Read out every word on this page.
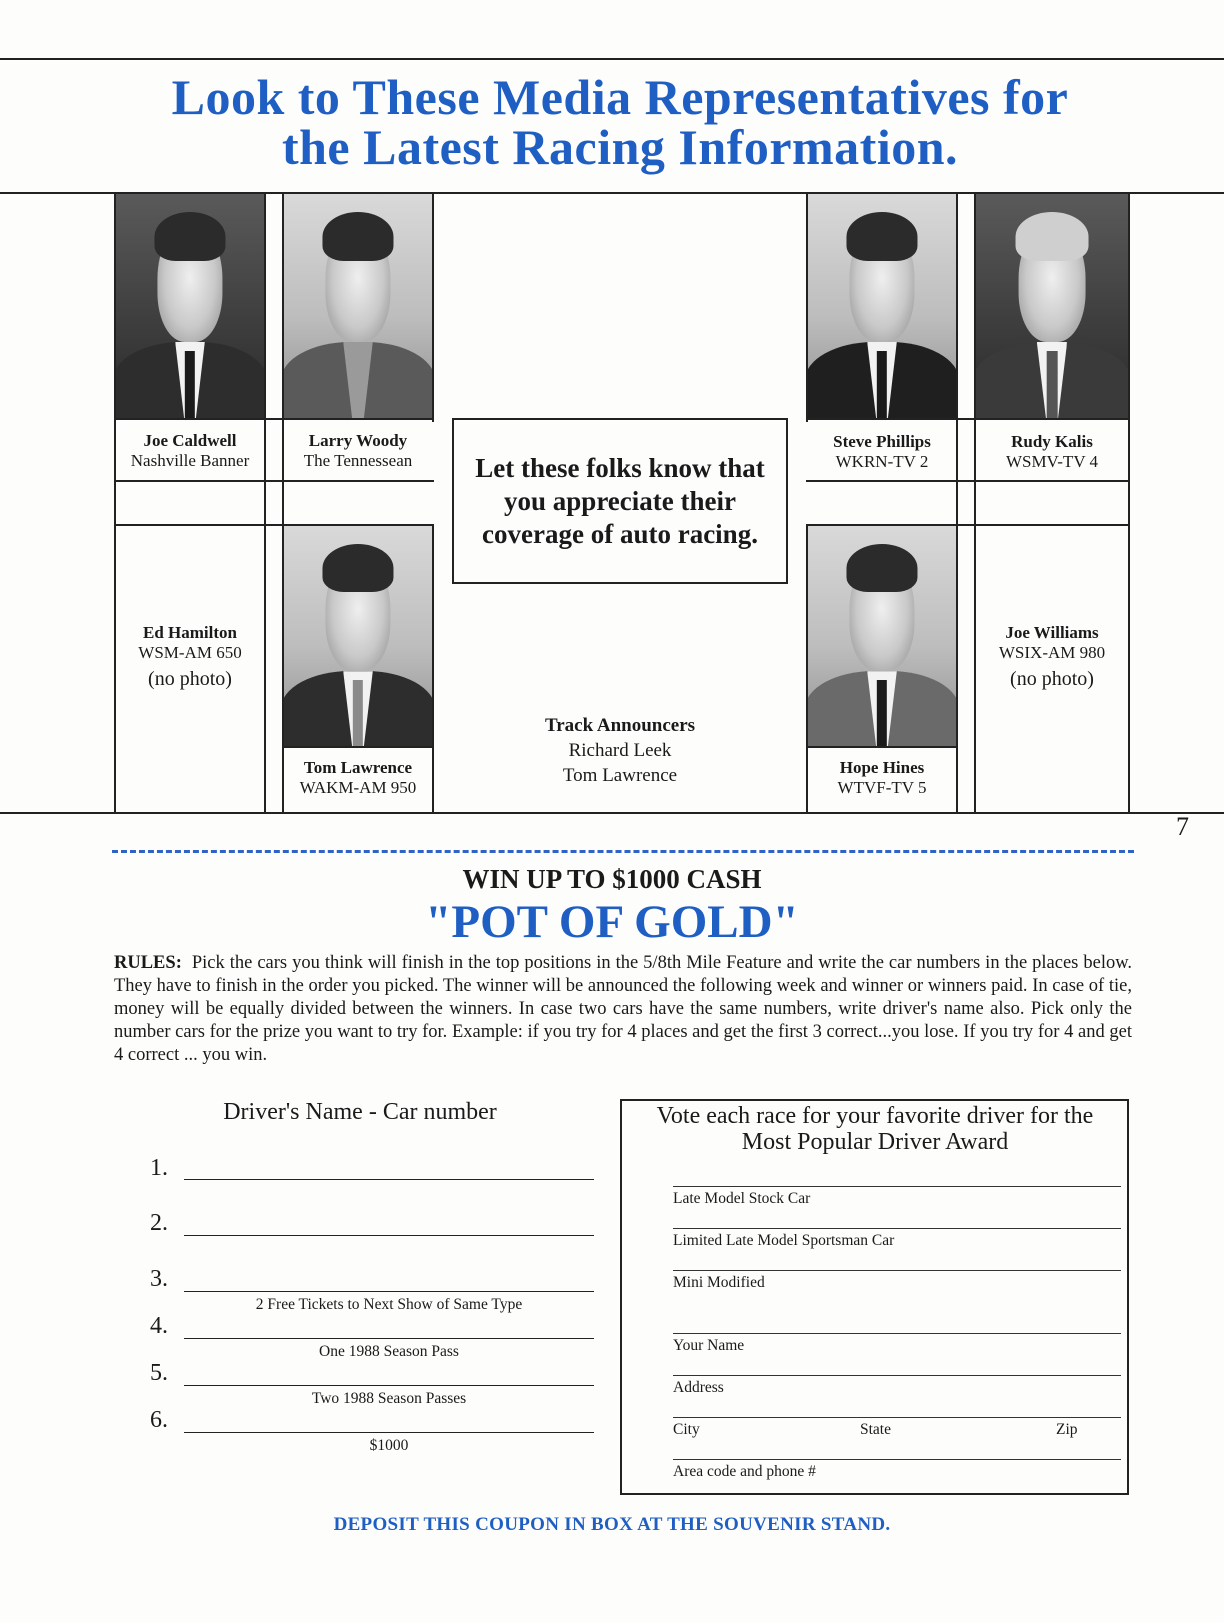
Look to These Media Representatives for
the Latest Racing Information.
Joe Caldwell
Nashville Banner
Larry Woody
The Tennessean
Steve Phillips
WKRN-TV 2
Rudy Kalis
WSMV-TV 4
Ed Hamilton
WSM-AM 650
(no photo)
Joe Williams
WSIX-AM 980
(no photo)
Tom Lawrence
WAKM-AM 950
Hope Hines
WTVF-TV 5
Let these folks know that you appreciate their coverage of auto racing.
Track Announcers
Richard Leek
Tom Lawrence
7
WIN UP TO $1000 CASH
"POT OF GOLD"
RULES: Pick the cars you think will finish in the top positions in the 5/8th Mile Feature and write the car numbers in the places below. They have to finish in the order you picked. The winner will be announced the following week and winner or winners paid. In case of tie, money will be equally divided between the winners. In case two cars have the same numbers, write driver's name also. Pick only the number cars for the prize you want to try for. Example: if you try for 4 places and get the first 3 correct...you lose. If you try for 4 and get 4 correct ... you win.
Driver's Name - Car number
1.
2.
3.
2 Free Tickets to Next Show of Same Type
4.
One 1988 Season Pass
5.
Two 1988 Season Passes
6.
$1000
Vote each race for your favorite driver for the Most Popular Driver Award
Late Model Stock Car
Limited Late Model Sportsman Car
Mini Modified
Your Name
Address
City	State	Zip
Area code and phone #
DEPOSIT THIS COUPON IN BOX AT THE SOUVENIR STAND.
